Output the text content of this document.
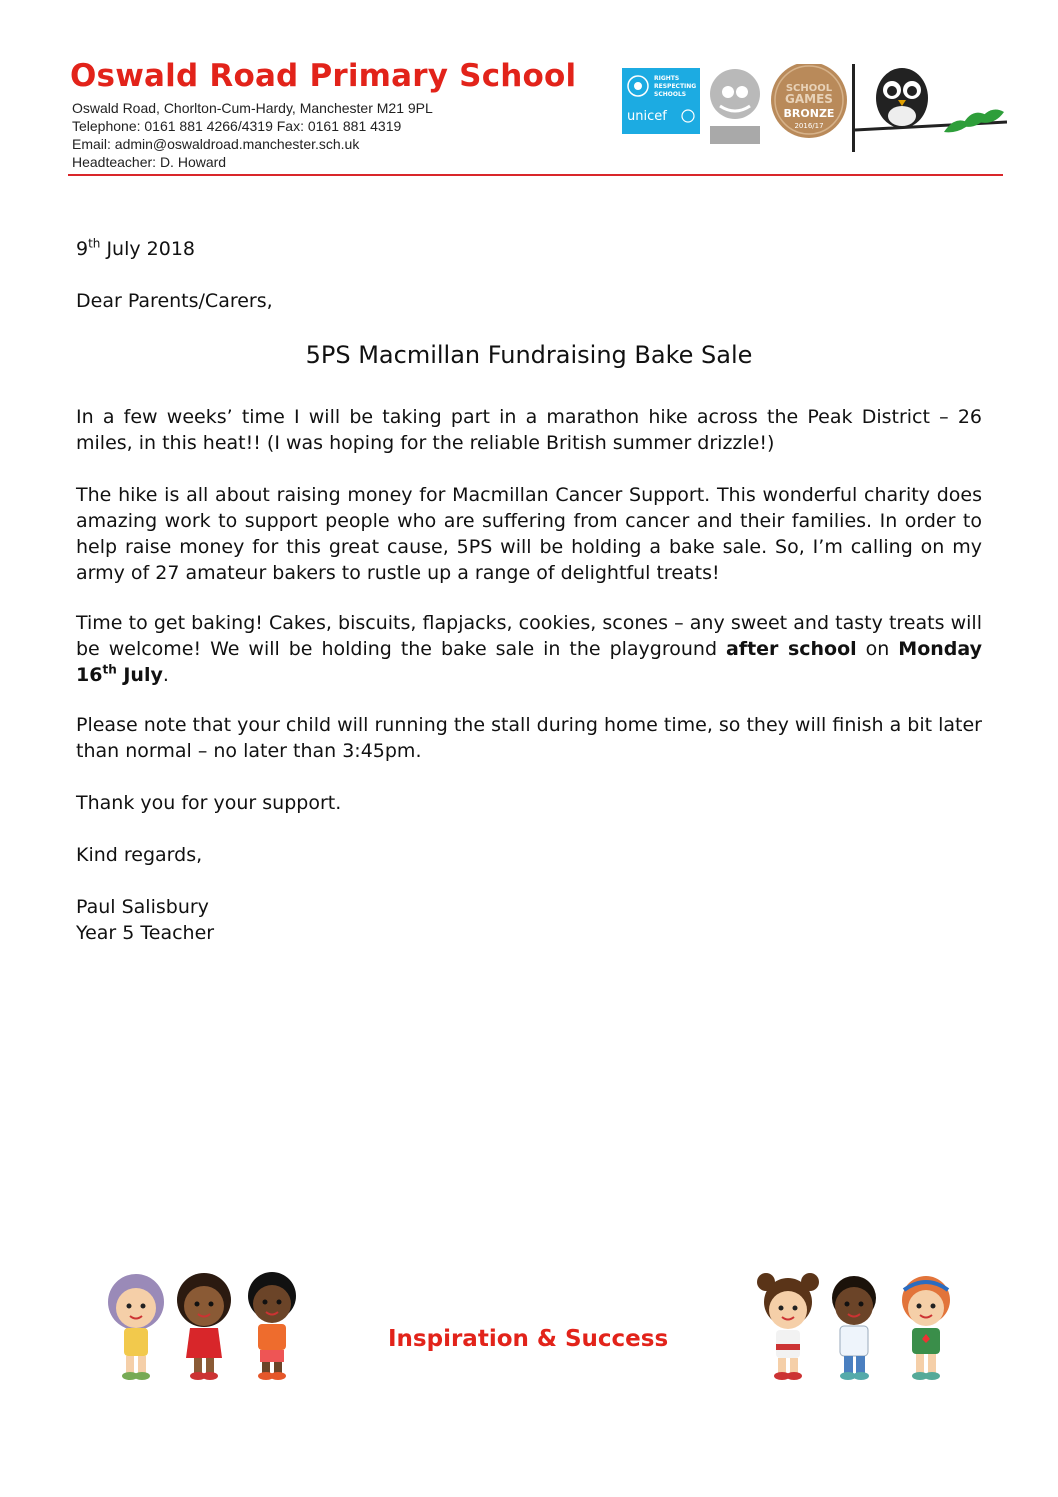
Oswald Road Primary School
Oswald Road, Chorlton-Cum-Hardy, Manchester M21 9PL
Telephone: 0161 881 4266/4319 Fax: 0161 881 4319
Email: admin@oswaldroad.manchester.sch.uk
Headteacher: D. Howard
RIGHTS
RESPECTING
SCHOOLS
unicef
SCHOOL
GAMES
BRONZE
2016/17

9th July 2018

Dear Parents/Carers,

5PS Macmillan Fundraising Bake Sale

In a few weeks’ time I will be taking part in a marathon hike across the Peak District – 26 miles, in this heat!! (I was hoping for the reliable British summer drizzle!)

The hike is all about raising money for Macmillan Cancer Support. This wonderful charity does amazing work to support people who are suffering from cancer and their families. In order to help raise money for this great cause, 5PS will be holding a bake sale. So, I’m calling on my army of 27 amateur bakers to rustle up a range of delightful treats!

Time to get baking! Cakes, biscuits, flapjacks, cookies, scones – any sweet and tasty treats will be welcome! We will be holding the bake sale in the playground after school on Monday 16th July.

Please note that your child will running the stall during home time, so they will finish a bit later than normal – no later than 3:45pm.

Thank you for your support.

Kind regards,

Paul Salisbury

Year 5 Teacher

Inspiration & Success
